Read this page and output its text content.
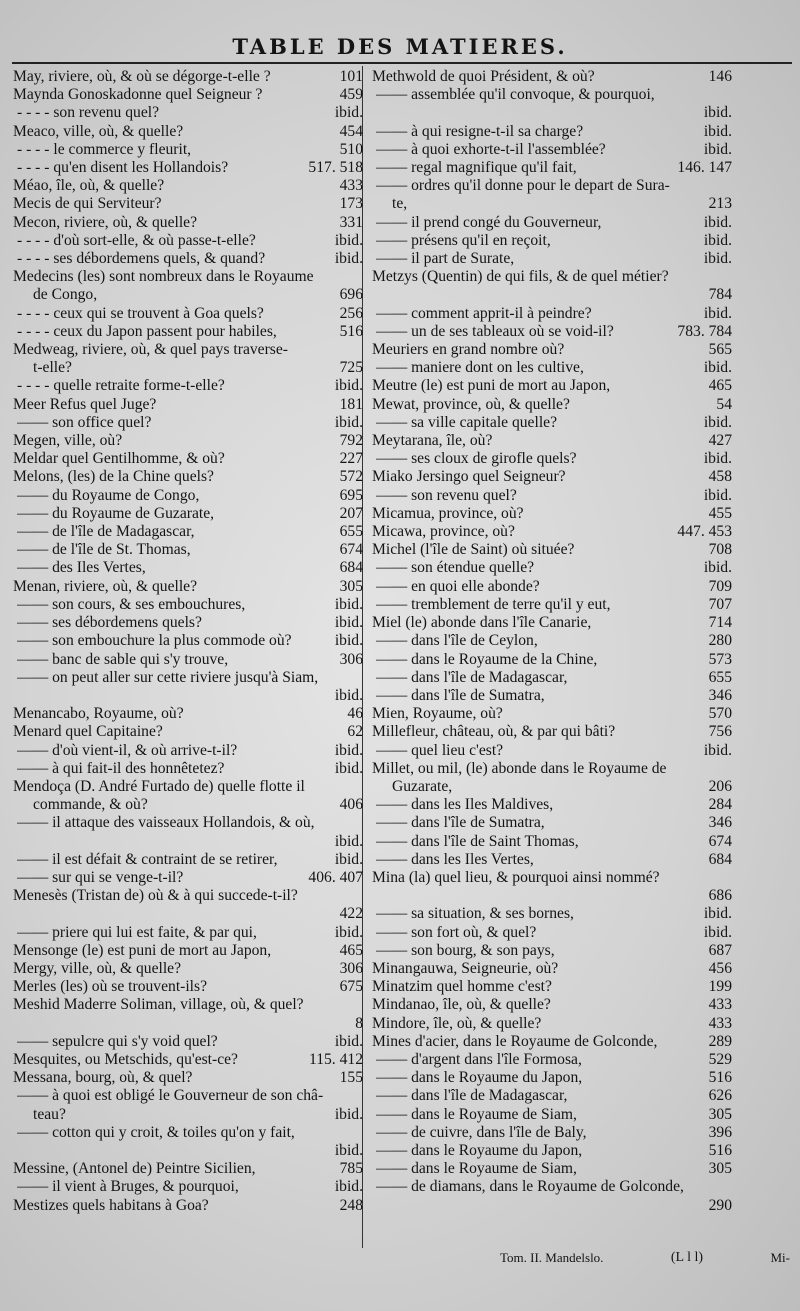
TABLE DES MATIERES.
May, riviere, où, & où se dégorge-t-elle ?	101
Maynda Gonoskadonne quel Seigneur ?	459
- - - - son revenu quel?	ibid.
Meaco, ville, où, & quelle?	454
- - - - le commerce y fleurit,	510
- - - - qu'en disent les Hollandois?	517. 518
Méao, île, où, & quelle?	433
Mecis de qui Serviteur?	173
Mecon, riviere, où, & quelle?	331
- - - - d'où sort-elle, & où passe-t-elle?	ibid.
- - - - ses débordemens quels, & quand?	ibid.
Medecins (les) sont nombreux dans le Royaume
de Congo,	696
- - - - ceux qui se trouvent à Goa quels?	256
- - - - ceux du Japon passent pour habiles,	516
Medweag, riviere, où, & quel pays traverse-
t-elle?	725
- - - - quelle retraite forme-t-elle?	ibid.
Meer Refus quel Juge?	181
—— son office quel?	ibid.
Megen, ville, où?	792
Meldar quel Gentilhomme, & où?	227
Melons, (les) de la Chine quels?	572
—— du Royaume de Congo,	695
—— du Royaume de Guzarate,	207
—— de l'île de Madagascar,	655
—— de l'île de St. Thomas,	674
—— des Iles Vertes,	684
Menan, riviere, où, & quelle?	305
—— son cours, & ses embouchures,	ibid.
—— ses débordemens quels?	ibid.
—— son embouchure la plus commode où?	ibid.
—— banc de sable qui s'y trouve,	306
—— on peut aller sur cette riviere jusqu'à Siam,
ibid.
Menancabo, Royaume, où?	46
Menard quel Capitaine?	62
—— d'où vient-il, & où arrive-t-il?	ibid.
—— à qui fait-il des honnêtetez?	ibid.
Mendoça (D. André Furtado de) quelle flotte il
commande, & où?	406
—— il attaque des vaisseaux Hollandois, & où,
ibid.
—— il est défait & contraint de se retirer,	ibid.
—— sur qui se venge-t-il?	406. 407
Menesès (Tristan de) où & à qui succede-t-il?
422
—— priere qui lui est faite, & par qui,	ibid.
Mensonge (le) est puni de mort au Japon,	465
Mergy, ville, où, & quelle?	306
Merles (les) où se trouvent-ils?	675
Meshid Maderre Soliman, village, où, & quel?
8
—— sepulcre qui s'y void quel?	ibid.
Mesquites, ou Metschids, qu'est-ce?	115. 412
Messana, bourg, où, & quel?	155
—— à quoi est obligé le Gouverneur de son châ-
teau?	ibid.
—— cotton qui y croit, & toiles qu'on y fait,
ibid.
Messine, (Antonel de) Peintre Sicilien,	785
—— il vient à Bruges, & pourquoi,	ibid.
Mestizes quels habitans à Goa?	248
Methwold de quoi Président, & où?	146
—— assemblée qu'il convoque, & pourquoi,
ibid.
—— à qui resigne-t-il sa charge?	ibid.
—— à quoi exhorte-t-il l'assemblée?	ibid.
—— regal magnifique qu'il fait,	146. 147
—— ordres qu'il donne pour le depart de Sura-
te,	213
—— il prend congé du Gouverneur,	ibid.
—— présens qu'il en reçoit,	ibid.
—— il part de Surate,	ibid.
Metzys (Quentin) de qui fils, & de quel métier?
784
—— comment apprit-il à peindre?	ibid.
—— un de ses tableaux où se void-il?	783. 784
Meuriers en grand nombre où?	565
—— maniere dont on les cultive,	ibid.
Meutre (le) est puni de mort au Japon,	465
Mewat, province, où, & quelle?	54
—— sa ville capitale quelle?	ibid.
Meytarana, île, où?	427
—— ses cloux de girofle quels?	ibid.
Miako Jersingo quel Seigneur?	458
—— son revenu quel?	ibid.
Micamua, province, où?	455
Micawa, province, où?	447. 453
Michel (l'île de Saint) où située?	708
—— son étendue quelle?	ibid.
—— en quoi elle abonde?	709
—— tremblement de terre qu'il y eut,	707
Miel (le) abonde dans l'île Canarie,	714
—— dans l'île de Ceylon,	280
—— dans le Royaume de la Chine,	573
—— dans l'île de Madagascar,	655
—— dans l'île de Sumatra,	346
Mien, Royaume, où?	570
Millefleur, château, où, & par qui bâti?	756
—— quel lieu c'est?	ibid.
Millet, ou mil, (le) abonde dans le Royaume de
Guzarate,	206
—— dans les Iles Maldives,	284
—— dans l'île de Sumatra,	346
—— dans l'île de Saint Thomas,	674
—— dans les Iles Vertes,	684
Mina (la) quel lieu, & pourquoi ainsi nommé?
686
—— sa situation, & ses bornes,	ibid.
—— son fort où, & quel?	ibid.
—— son bourg, & son pays,	687
Minangauwa, Seigneurie, où?	456
Minatzim quel homme c'est?	199
Mindanao, île, où, & quelle?	433
Mindore, île, où, & quelle?	433
Mines d'acier, dans le Royaume de Golconde,	289
—— d'argent dans l'île Formosa,	529
—— dans le Royaume du Japon,	516
—— dans l'île de Madagascar,	626
—— dans le Royaume de Siam,	305
—— de cuivre, dans l'île de Baly,	396
—— dans le Royaume du Japon,	516
—— dans le Royaume de Siam,	305
—— de diamans, dans le Royaume de Golconde,
290
Tom. II. Mandelslo.	(L l l)	Mi-
